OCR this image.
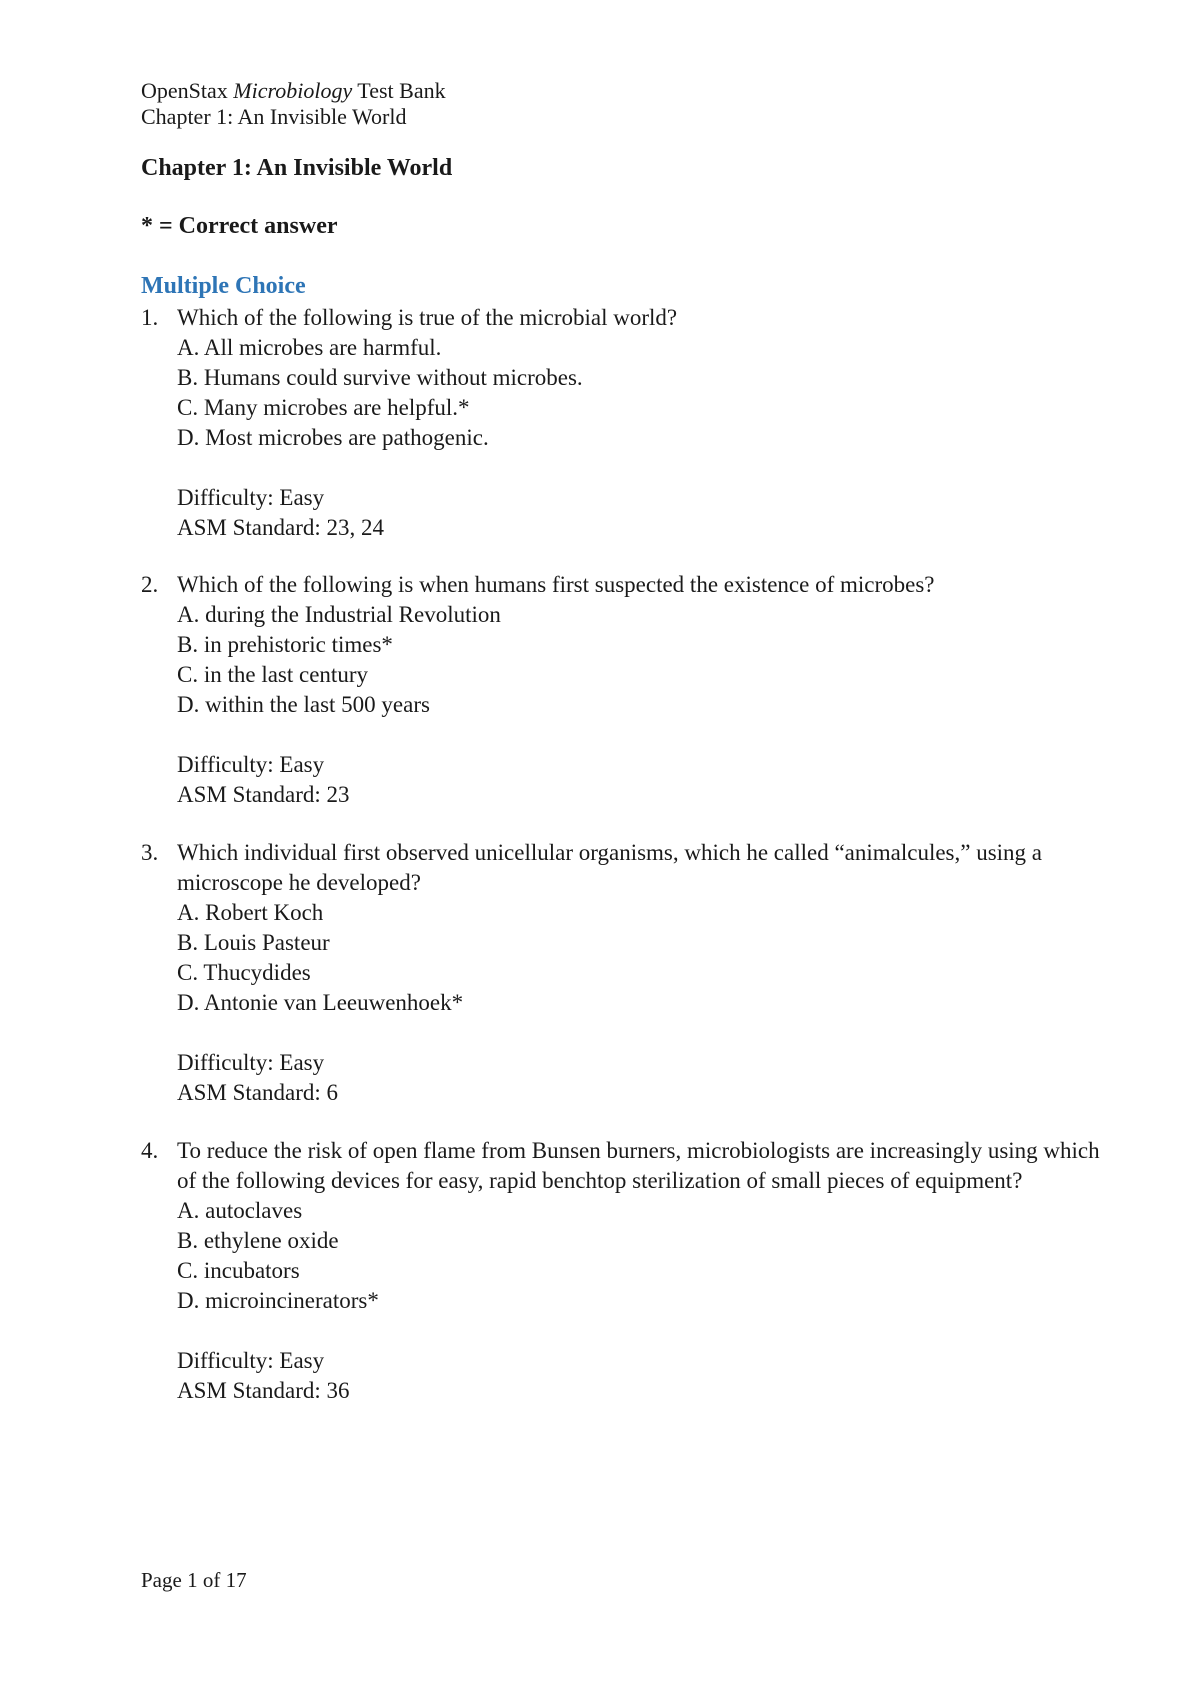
OpenStax Microbiology Test Bank
Chapter 1: An Invisible World
Chapter 1: An Invisible World
* = Correct answer
Multiple Choice
1. Which of the following is true of the microbial world?
A. All microbes are harmful.
B. Humans could survive without microbes.
C. Many microbes are helpful.*
D. Most microbes are pathogenic.
Difficulty: Easy
ASM Standard: 23, 24
2. Which of the following is when humans first suspected the existence of microbes?
A. during the Industrial Revolution
B. in prehistoric times*
C. in the last century
D. within the last 500 years
Difficulty: Easy
ASM Standard: 23
3. Which individual first observed unicellular organisms, which he called “animalcules,” using a microscope he developed?
A. Robert Koch
B. Louis Pasteur
C. Thucydides
D. Antonie van Leeuwenhoek*
Difficulty: Easy
ASM Standard: 6
4. To reduce the risk of open flame from Bunsen burners, microbiologists are increasingly using which of the following devices for easy, rapid benchtop sterilization of small pieces of equipment?
A. autoclaves
B. ethylene oxide
C. incubators
D. microincinerators*
Difficulty: Easy
ASM Standard: 36
Page 1 of 17
